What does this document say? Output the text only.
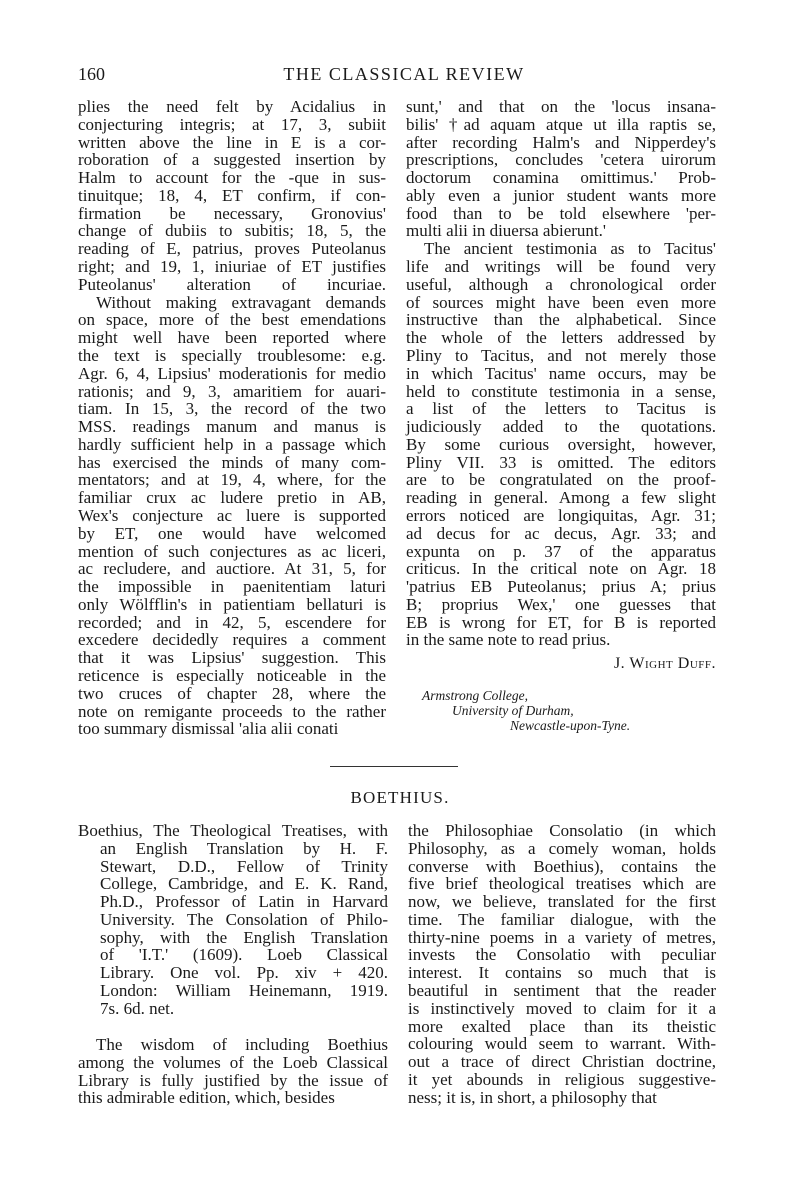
160	THE CLASSICAL REVIEW
plies the need felt by Acidalius in
conjecturing integris; at 17, 3, subiit
written above the line in E is a cor-
roboration of a suggested insertion by
Halm to account for the -que in sus-
tinuitque; 18, 4, ET confirm, if con-
firmation be necessary, Gronovius'
change of dubiis to subitis; 18, 5, the
reading of E, patrius, proves Puteolanus
right; and 19, 1, iniuriae of ET justifies
Puteolanus' alteration of incuriae.
Without making extravagant demands
on space, more of the best emendations
might well have been reported where
the text is specially troublesome: e.g.
Agr. 6, 4, Lipsius' moderationis for medio
rationis; and 9, 3, amaritiem for auari-
tiam. In 15, 3, the record of the two
MSS. readings manum and manus is
hardly sufficient help in a passage which
has exercised the minds of many com-
mentators; and at 19, 4, where, for the
familiar crux ac ludere pretio in AB,
Wex's conjecture ac luere is supported
by ET, one would have welcomed
mention of such conjectures as ac liceri,
ac recludere, and auctiore. At 31, 5, for
the impossible in paenitentiam laturi
only Wölfflin's in patientiam bellaturi is
recorded; and in 42, 5, escendere for
excedere decidedly requires a comment
that it was Lipsius' suggestion. This
reticence is especially noticeable in the
two cruces of chapter 28, where the
note on remigante proceeds to the rather
too summary dismissal 'alia alii conati
sunt,' and that on the 'locus insana-
bilis' †ad aquam atque ut illa raptis se,
after recording Halm's and Nipperdey's
prescriptions, concludes 'cetera uirorum
doctorum conamina omittimus.' Prob-
ably even a junior student wants more
food than to be told elsewhere 'per-
multi alii in diuersa abierunt.'
The ancient testimonia as to Tacitus'
life and writings will be found very
useful, although a chronological order
of sources might have been even more
instructive than the alphabetical. Since
the whole of the letters addressed by
Pliny to Tacitus, and not merely those
in which Tacitus' name occurs, may be
held to constitute testimonia in a sense,
a list of the letters to Tacitus is
judiciously added to the quotations.
By some curious oversight, however,
Pliny VII. 33 is omitted. The editors
are to be congratulated on the proof-
reading in general. Among a few slight
errors noticed are longiquitas, Agr. 31;
ad decus for ac decus, Agr. 33; and
expunta on p. 37 of the apparatus
criticus. In the critical note on Agr. 18
'patrius EB Puteolanus; prius A; prius
B; proprius Wex,' one guesses that
EB is wrong for ET, for B is reported
in the same note to read prius.
J. Wight Duff.
Armstrong College,
University of Durham,
Newcastle-upon-Tyne.
BOETHIUS.
Boethius, The Theological Treatises, with
an English Translation by H. F.
Stewart, D.D., Fellow of Trinity
College, Cambridge, and E. K. Rand,
Ph.D., Professor of Latin in Harvard
University. The Consolation of Philo-
sophy, with the English Translation
of 'I.T.' (1609). Loeb Classical
Library. One vol. Pp. xiv + 420.
London: William Heinemann, 1919.
7s. 6d. net.
The wisdom of including Boethius
among the volumes of the Loeb Classical
Library is fully justified by the issue of
this admirable edition, which, besides
the Philosophiae Consolatio (in which
Philosophy, as a comely woman, holds
converse with Boethius), contains the
five brief theological treatises which are
now, we believe, translated for the first
time. The familiar dialogue, with the
thirty-nine poems in a variety of metres,
invests the Consolatio with peculiar
interest. It contains so much that is
beautiful in sentiment that the reader
is instinctively moved to claim for it a
more exalted place than its theistic
colouring would seem to warrant. With-
out a trace of direct Christian doctrine,
it yet abounds in religious suggestive-
ness; it is, in short, a philosophy that
